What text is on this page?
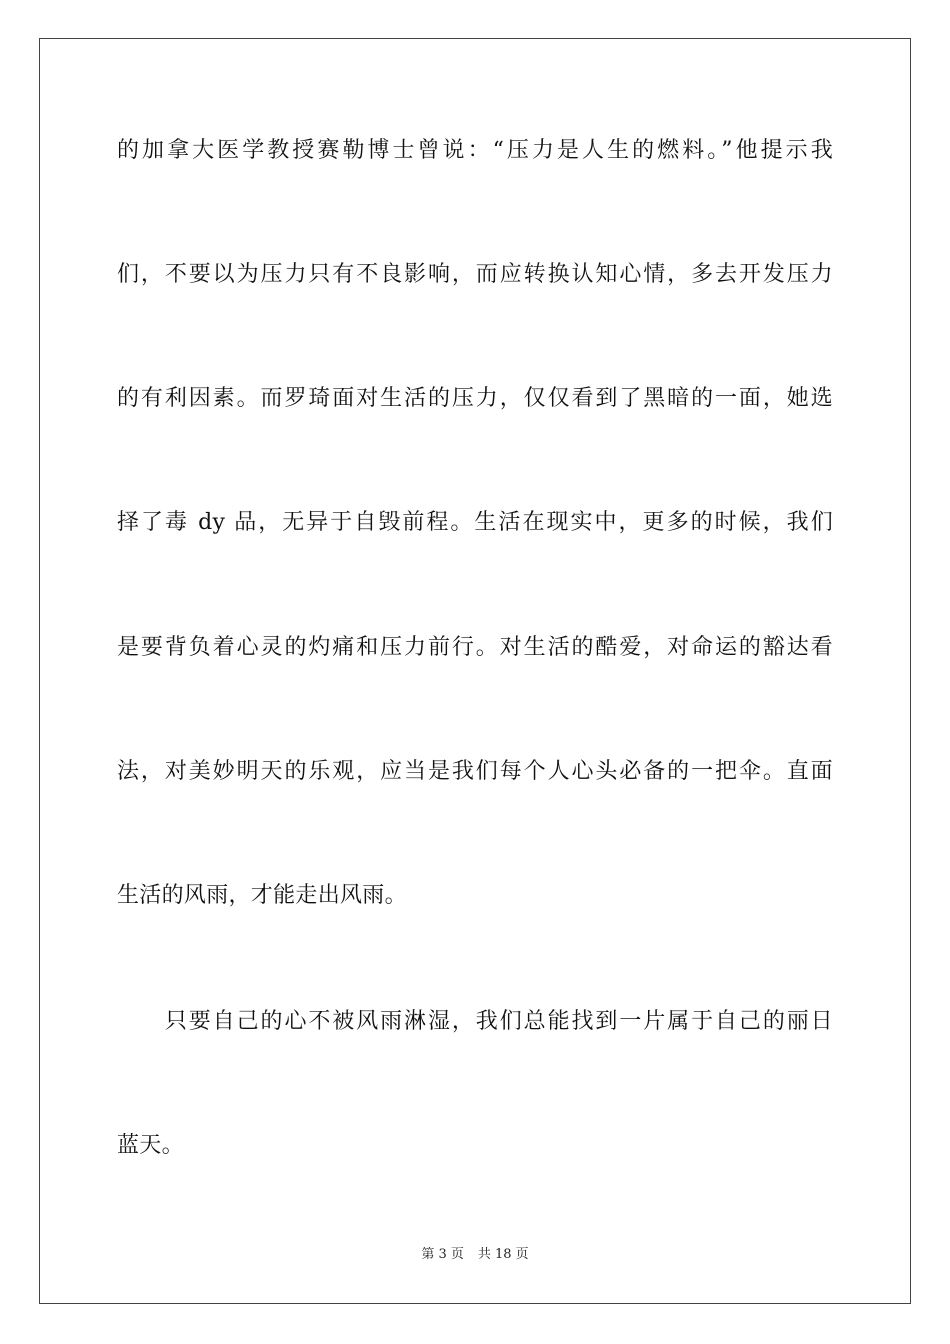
的加拿大医学教授赛勒博士曾说：“压力是人生的燃料。”他提示我
们，不要以为压力只有不良影响，而应转换认知心情，多去开发压力
的有利因素。而罗琦面对生活的压力，仅仅看到了黑暗的一面，她选
择了毒 dy 品，无异于自毁前程。生活在现实中，更多的时候，我们
是要背负着心灵的灼痛和压力前行。对生活的酷爱，对命运的豁达看
法，对美妙明天的乐观，应当是我们每个人心头必备的一把伞。直面
生活的风雨，才能走出风雨。
　　只要自己的心不被风雨淋湿，我们总能找到一片属于自己的丽日
蓝天。
第 3 页 共 18 页
